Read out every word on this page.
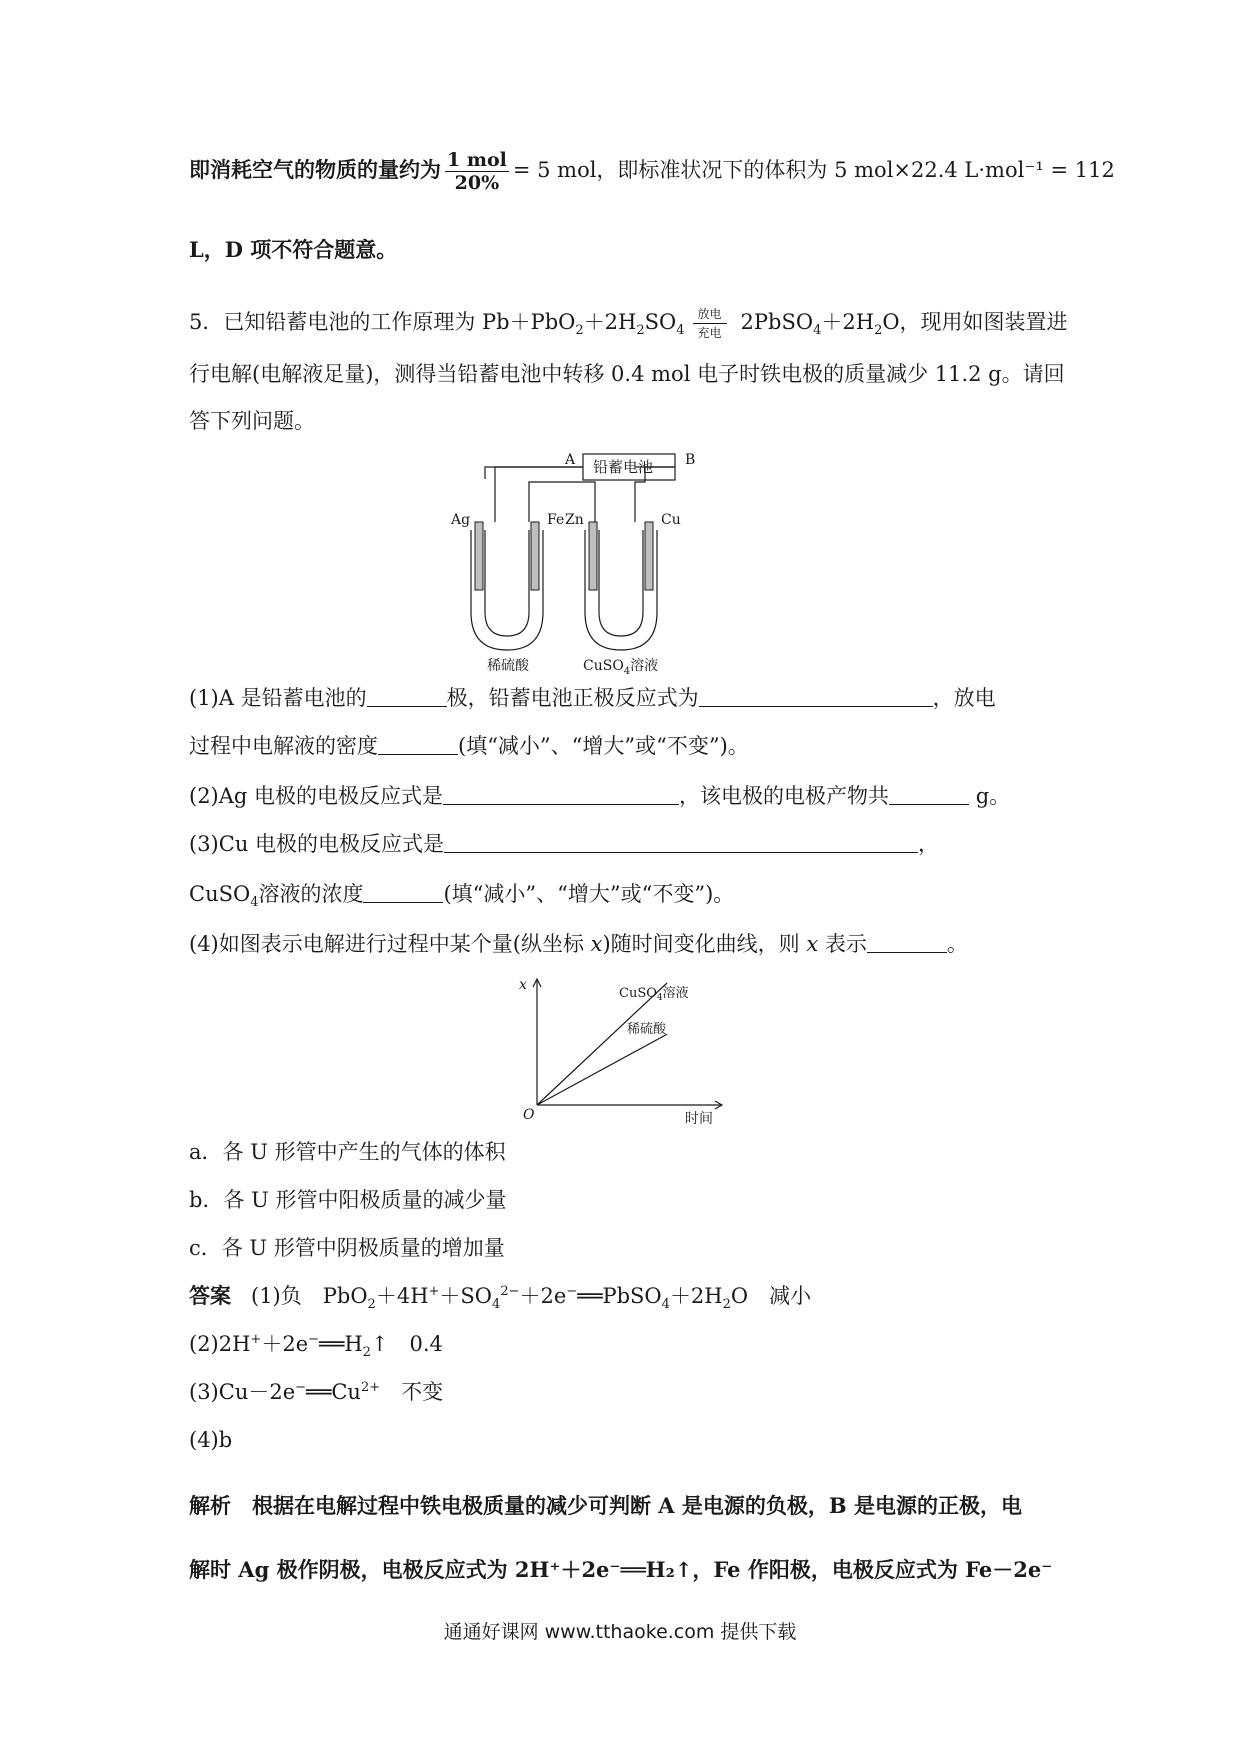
即消耗空气的物质的量约为 $\frac{\text{1 mol}}{20\%} = 5$ mol，即标准状况下的体积为 5 mol×22.4 L·mol⁻¹ = 112
L，D 项不符合题意。
5．已知铅蓄电池的工作原理为 $Pb+PbO_2+2H_2SO_4$
放电
充电 $2PbSO_4+2H_2O$，现用如图装置进
行电解(电解液足量)，测得当铅蓄电池中转移 0.4 mol 电子时铁电极的质量减少 11.2 g。请回
答下列问题。
铅蓄电池
A	B
Ag	Fe Zn	Cu
稀硫酸	CuSO$_4$溶液
(1)A 是铅蓄电池的	极，铅蓄电池正极反应式为	，放电
过程中电解液的密度	(填“减小”、“增大”或“不变”)。
(2)Ag 电极的电极反应式是	，该电极的电极产物共	g。
(3)Cu 电极的电极反应式是	，
CuSO$_4$溶液的浓度	(填“减小”、“增大”或“不变”)。
(4)如图表示电解进行过程中某个量(纵坐标 x)随时间变化曲线，则 x 表示	。
x
O	时间
CuSO$_4$溶液
稀硫酸
a．各 U 形管中产生的气体的体积
b．各 U 形管中阳极质量的减少量
c．各 U 形管中阴极质量的增加量
答案 (1)负　$PbO_2+4H^++SO_4^{2-}+2e^-══PbSO_4+2H_2O$　减小
$(2)2H^++2e^-══H_2↑$　0.4
$(3)Cu-2e^-══Cu^{2+}$　不变
(4)b
解析　根据在电解过程中铁电极质量的减少可判断 A 是电源的负极，B 是电源的正极，电
解时 Ag 极作阴极，电极反应式为 2H⁺＋2e⁻══H₂↑，Fe 作阳极，电极反应式为 Fe－2e⁻
通通好课网 www.tthaoke.com 提供下载
